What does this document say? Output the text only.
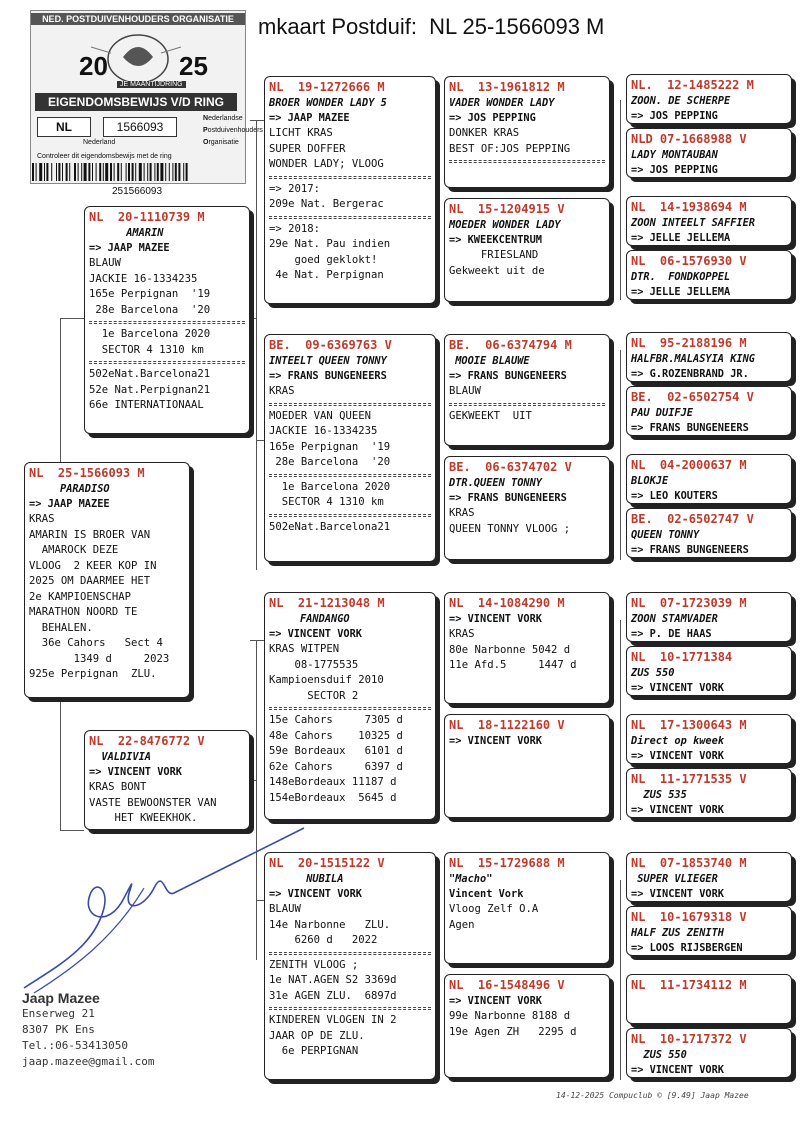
mkaart Postduif: NL 25-1566093 M
NED. POSTDUIVENHOUDERS ORGANISATIE
20	25
JE MAANTIJDRING
EIGENDOMSBEWIJS V/D RING
NL	1566093
Nederland
Nederlandse
Postduivenhouders
Organisatie
Controleer dit eigendomsbewijs met de ring
251566093
NL  25-1566093 M
PARADISO
=> JAAP MAZEE
KRAS
AMARIN IS BROER VAN
AMAROCK DEZE
VLOOG  2 KEER KOP IN
2025 OM DAARMEE HET
2e KAMPIOENSCHAP
MARATHON NOORD TE
BEHALEN.
36e Cahors   Sect 4
1349 d     2023
925e Perpignan  ZLU.
NL  20-1110739 M
AMARIN
=> JAAP MAZEE
BLAUW
JACKIE 16-1334235
165e Perpignan  '19
28e Barcelona  '20
1e Barcelona 2020
SECTOR 4 1310 km
502eNat.Barcelona21
52e Nat.Perpignan21
66e INTERNATIONAAL
NL  22-8476772 V
VALDIVIA
=> VINCENT VORK
KRAS BONT
VASTE BEWOONSTER VAN
HET KWEEKHOK.
NL  19-1272666 M
BROER WONDER LADY 5
=> JAAP MAZEE
LICHT KRAS
SUPER DOFFER
WONDER LADY; VLOOG
=> 2017:
209e Nat. Bergerac
=> 2018:
29e Nat. Pau indien
goed geklokt!
4e Nat. Perpignan
BE.  09-6369763 V
INTEELT QUEEN TONNY
=> FRANS BUNGENEERS
KRAS
MOEDER VAN QUEEN
JACKIE 16-1334235
165e Perpignan  '19
28e Barcelona  '20
1e Barcelona 2020
SECTOR 4 1310 km
502eNat.Barcelona21
NL  21-1213048 M
FANDANGO
=> VINCENT VORK
KRAS WITPEN
08-1775535
Kampioensduif 2010
SECTOR 2
15e Cahors     7305 d
48e Cahors    10325 d
59e Bordeaux   6101 d
62e Cahors     6397 d
148eBordeaux 11187 d
154eBordeaux  5645 d
NL  20-1515122 V
NUBILA
=> VINCENT VORK
BLAUW
14e Narbonne   ZLU.
6260 d   2022
ZENITH VLOOG ;
1e NAT.AGEN S2 3369d
31e AGEN ZLU.  6897d
KINDEREN VLOGEN IN 2
JAAR OP DE ZLU.
6e PERPIGNAN
NL  13-1961812 M
VADER WONDER LADY
=> JOS PEPPING
DONKER KRAS
BEST OF:JOS PEPPING
NL  15-1204915 V
MOEDER WONDER LADY
=> KWEEKCENTRUM
FRIESLAND
Gekweekt uit de
BE.  06-6374794 M
MOOIE BLAUWE
=> FRANS BUNGENEERS
BLAUW
GEKWEEKT  UIT
BE.  06-6374702 V
DTR.QUEEN TONNY
=> FRANS BUNGENEERS
KRAS
QUEEN TONNY VLOOG ;
NL  14-1084290 M
=> VINCENT VORK
KRAS
80e Narbonne 5042 d
11e Afd.5     1447 d
NL  18-1122160 V
=> VINCENT VORK
NL  15-1729688 M
"Macho"
Vincent Vork
Vloog Zelf O.A
Agen
NL  16-1548496 V
=> VINCENT VORK
99e Narbonne 8188 d
19e Agen ZH   2295 d
NL.  12-1485222 M
ZOON. DE SCHERPE
=> JOS PEPPING
NLD 07-1668988 V
LADY MONTAUBAN
=> JOS PEPPING
NL  14-1938694 M
ZOON INTEELT SAFFIER
=> JELLE JELLEMA
NL  06-1576930 V
DTR.  FONDKOPPEL
=> JELLE JELLEMA
NL  95-2188196 M
HALFBR.MALASYIA KING
=> G.ROZENBRAND JR.
BE.  02-6502754 V
PAU DUIFJE
=> FRANS BUNGENEERS
NL  04-2000637 M
BLOKJE
=> LEO KOUTERS
BE.  02-6502747 V
QUEEN TONNY
=> FRANS BUNGENEERS
NL  07-1723039 M
ZOON STAMVADER
=> P. DE HAAS
NL  10-1771384
ZUS 550
=> VINCENT VORK
NL  17-1300643 M
Direct op kweek
=> VINCENT VORK
NL  11-1771535 V
ZUS 535
=> VINCENT VORK
NL  07-1853740 M
SUPER VLIEGER
=> VINCENT VORK
NL  10-1679318 V
HALF ZUS ZENITH
=> LOOS RIJSBERGEN
NL  11-1734112 M
NL  10-1717372 V
ZUS 550
=> VINCENT VORK
Jaap Mazee
Enserweg 21
8307 PK Ens
Tel.:06-53413050
jaap.mazee@gmail.com
14-12-2025 Compuclub © [9.49] Jaap Mazee
